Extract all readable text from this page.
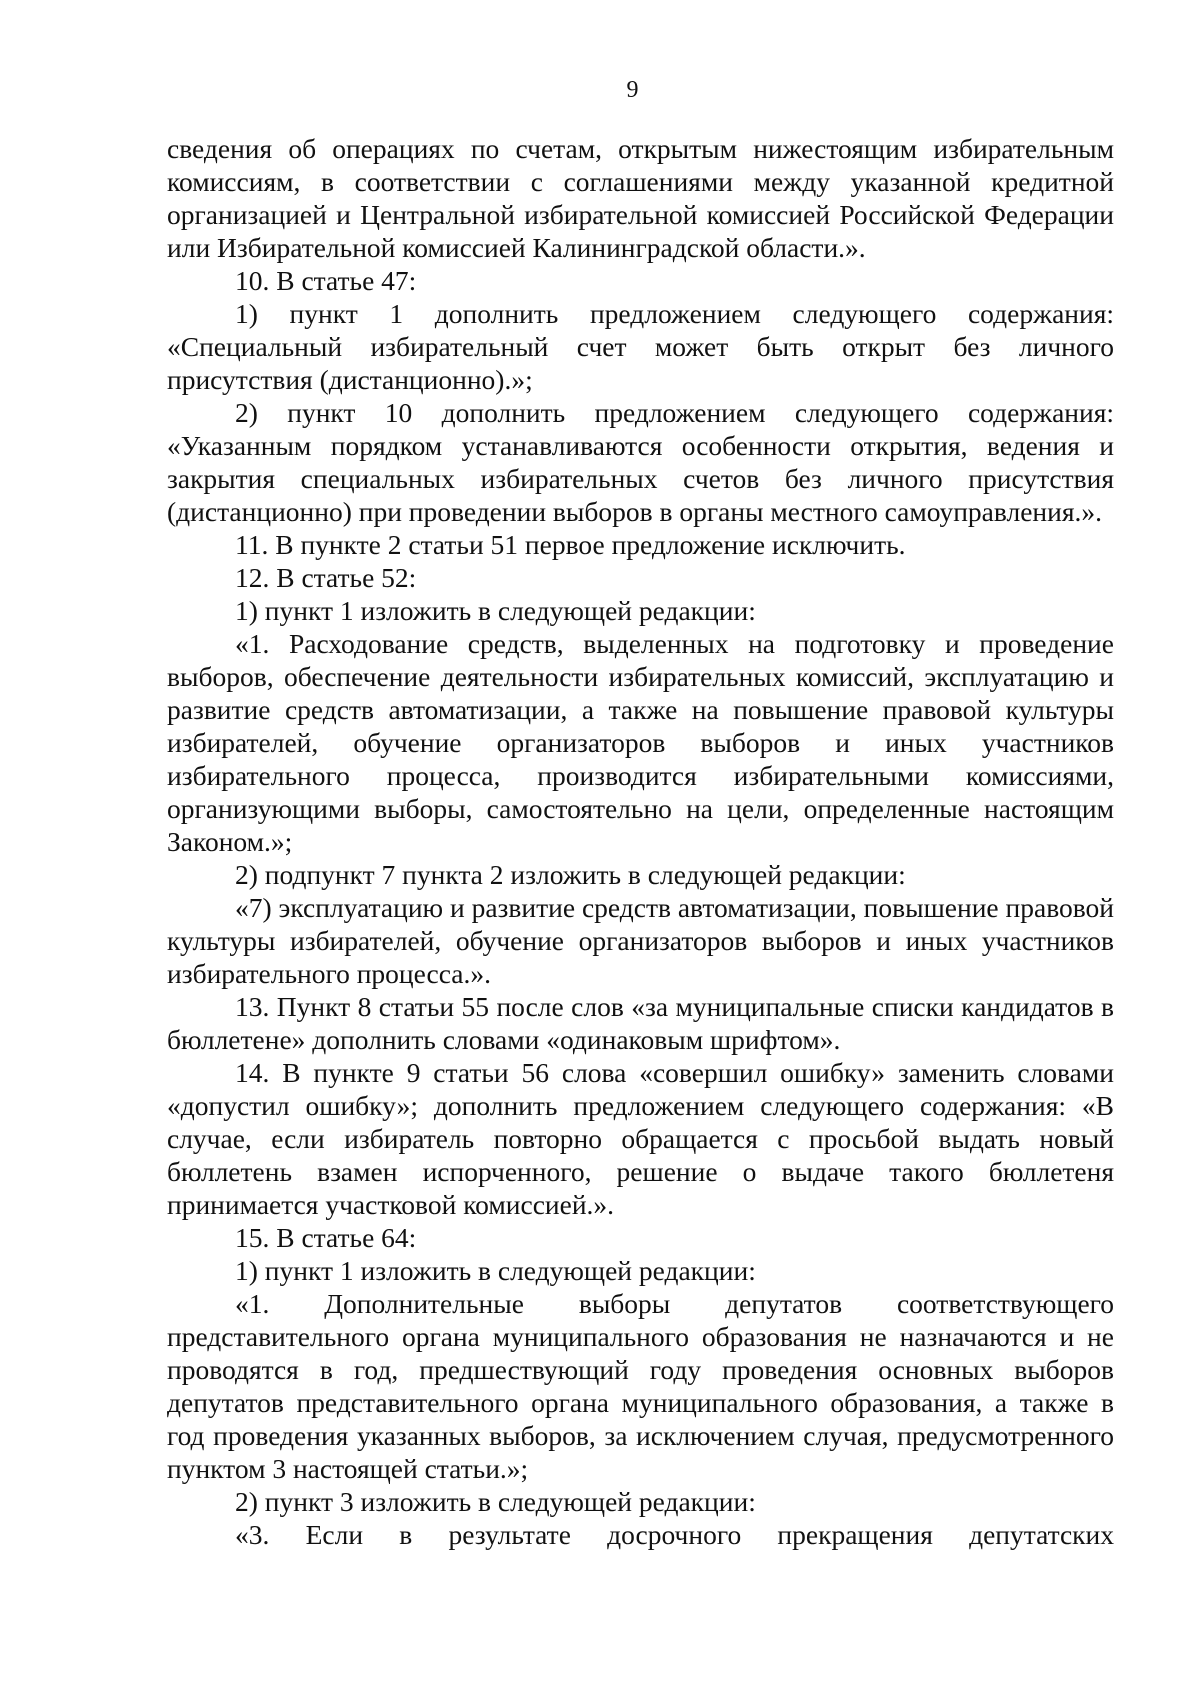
9

сведения об операциях по счетам, открытым нижестоящим избирательным комиссиям, в соответствии с соглашениями между указанной кредитной организацией и Центральной избирательной комиссией Российской Федерации или Избирательной комиссией Калининградской области.».

10. В статье 47:

1) пункт 1 дополнить предложением следующего содержания: «Специальный избирательный счет может быть открыт без личного присутствия (дистанционно).»;

2) пункт 10 дополнить предложением следующего содержания: «Указанным порядком устанавливаются особенности открытия, ведения и закрытия специальных избирательных счетов без личного присутствия (дистанционно) при проведении выборов в органы местного самоуправления.».

11. В пункте 2 статьи 51 первое предложение исключить.

12. В статье 52:

1) пункт 1 изложить в следующей редакции:

«1. Расходование средств, выделенных на подготовку и проведение выборов, обеспечение деятельности избирательных комиссий, эксплуатацию и развитие средств автоматизации, а также на повышение правовой культуры избирателей, обучение организаторов выборов и иных участников избирательного процесса, производится избирательными комиссиями, организующими выборы, самостоятельно на цели, определенные настоящим Законом.»;

2) подпункт 7 пункта 2 изложить в следующей редакции:

«7) эксплуатацию и развитие средств автоматизации, повышение правовой культуры избирателей, обучение организаторов выборов и иных участников избирательного процесса.».

13. Пункт 8 статьи 55 после слов «за муниципальные списки кандидатов в бюллетене» дополнить словами «одинаковым шрифтом».

14. В пункте 9 статьи 56 слова «совершил ошибку» заменить словами «допустил ошибку»; дополнить предложением следующего содержания: «В случае, если избиратель повторно обращается с просьбой выдать новый бюллетень взамен испорченного, решение о выдаче такого бюллетеня принимается участковой комиссией.».

15. В статье 64:

1) пункт 1 изложить в следующей редакции:

«1. Дополнительные выборы депутатов соответствующего представительного органа муниципального образования не назначаются и не проводятся в год, предшествующий году проведения основных выборов депутатов представительного органа муниципального образования, а также в год проведения указанных выборов, за исключением случая, предусмотренного пунктом 3 настоящей статьи.»;

2) пункт 3 изложить в следующей редакции:

«3. Если в результате досрочного прекращения депутатских
